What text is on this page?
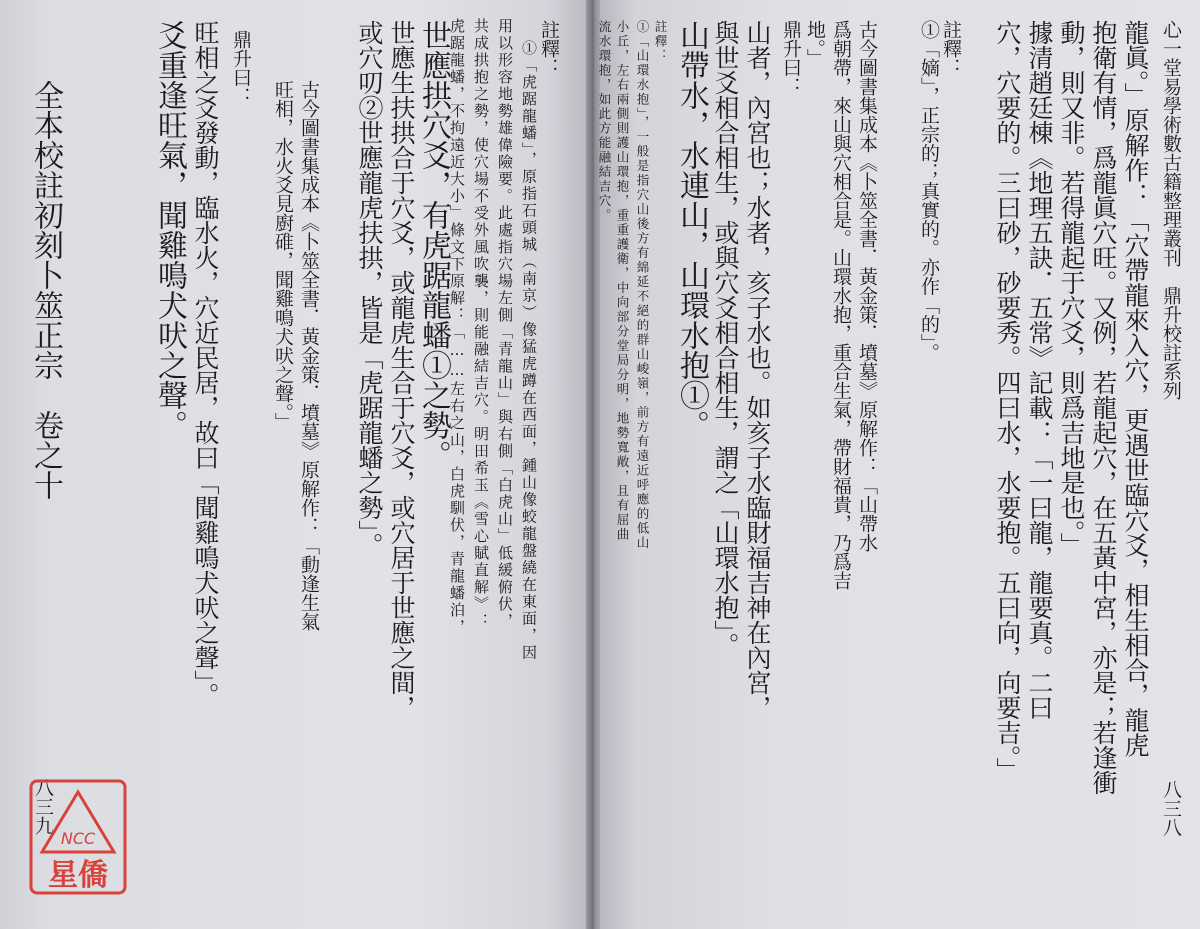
註釋：
①「虎踞龍蟠」，原指石頭城（南京）像猛虎蹲在西面，鍾山像蛟龍盤繞在東面，因
用以形容地勢雄偉險要。此處指穴場左側「青龍山」與右側「白虎山」低緩俯伏，
共成拱抱之勢，使穴場不受外風吹襲，則能融結吉穴。明田希玉《雪心賦直解》：
虎踞龍蟠，不拘遠近大小」條文下原解：「……左右之山，白虎馴伏，青龍蟠泊，
全本校註初刻卜筮正宗　卷之十
八三九
世應拱穴爻，有虎踞龍蟠①之勢。
世應生扶拱合于穴爻，或龍虎生合于穴爻，或穴居于世應之間，
或穴叨②世應龍虎扶拱，皆是「虎踞龍蟠之勢」。
古今圖書集成本《卜筮全書．黃金策．墳墓》原解作：「動逢生氣
旺相，水火爻見廚碓，聞雞鳴犬吠之聲。」
鼎升曰：
旺相之爻發動，臨水火，穴近民居，故曰「聞雞鳴犬吠之聲」。
爻重逢旺氣，聞雞鳴犬吠之聲。	心一堂易學術數古籍整理叢刊　鼎升校註系列
龍眞。」原解作：「穴帶龍來入穴，更遇世臨穴爻，相生相合，龍虎
抱衛有情，爲龍眞穴旺。又例，若龍起穴，在五黃中宮，亦是；若逢衝
動，則又非。若得龍起于穴爻，則爲吉地是也。」
據清趙廷棟《地理五訣．五常》記載：「一曰龍，龍要真。二曰
穴，穴要的。三曰砂，砂要秀。四曰水，水要抱。五曰向，向要吉。」
註釋：
①「嫡」，正宗的；真實的。亦作「的」。
古今圖書集成本《卜筮全書．黃金策．墳墓》原解作：「山帶水
爲朝帶，來山與穴相合是。山環水抱，重合生氣，帶財福貴，乃爲吉
地。」
鼎升曰：
山者，內宮也；水者，亥子水也。如亥子水臨財福吉神在內宮，
與世爻相合相生，或與穴爻相合相生，謂之「山環水抱」。
山帶水，水連山，山環水抱①。
註釋：
①「山環水抱」，一般是指穴山後方有綿延不絕的群山峻嶺，前方有遠近呼應的低山
小丘，左右兩側則護山環抱，重重護衛，中向部分堂局分明，地勢寬敞，且有屈曲
流水環抱，如此方能融結吉穴。
八三八
NCC
星僑
